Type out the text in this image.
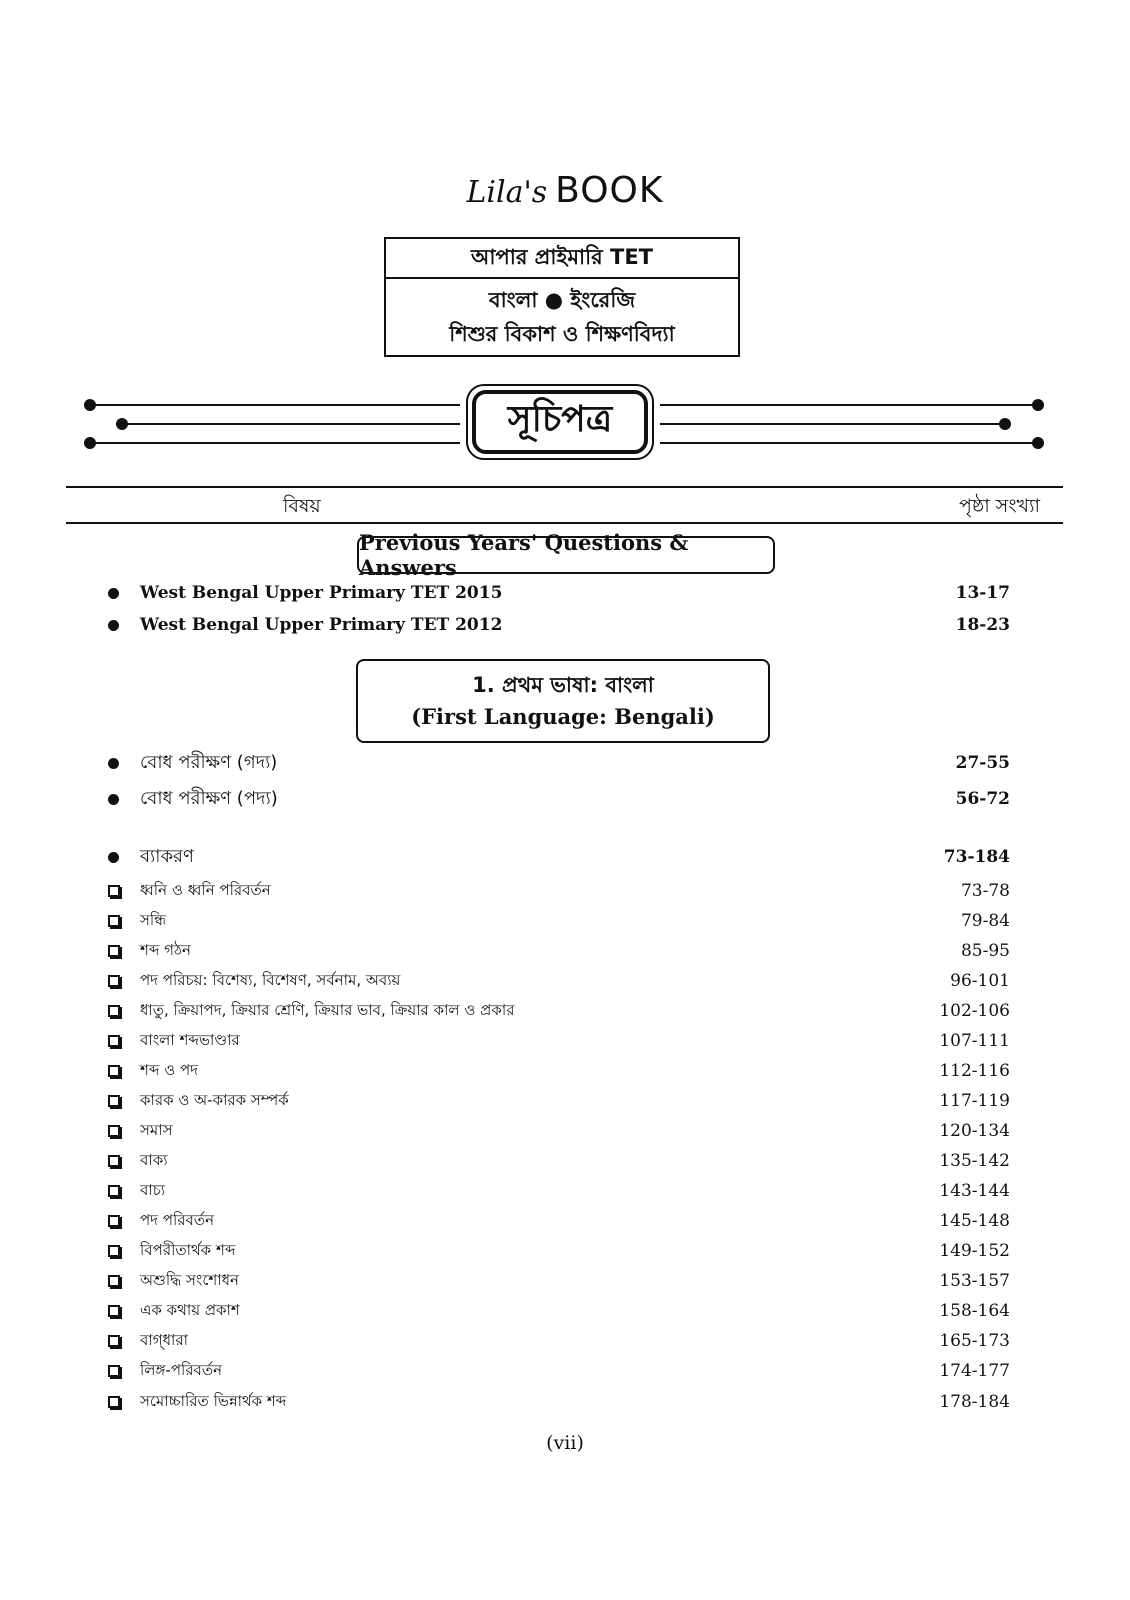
Lila's BOOK
আপার প্রাইমারি TET
বাংলা ● ইংরেজি
শিশুর বিকাশ ও শিক্ষণবিদ্যা
সূচিপত্র
বিষয়	পৃষ্ঠা সংখ্যা
Previous Years' Questions & Answers
West Bengal Upper Primary TET 2015	13-17
West Bengal Upper Primary TET 2012	18-23
1. প্রথম ভাষা: বাংলা
(First Language: Bengali)
বোধ পরীক্ষণ (গদ্য)	27-55
বোধ পরীক্ষণ (পদ্য)	56-72
ব্যাকরণ	73-184
ধ্বনি ও ধ্বনি পরিবর্তন	73-78
সন্ধি	79-84
শব্দ গঠন	85-95
পদ পরিচয়: বিশেষ্য, বিশেষণ, সর্বনাম, অব্যয়	96-101
ধাতু, ক্রিয়াপদ, ক্রিয়ার শ্রেণি, ক্রিয়ার ভাব, ক্রিয়ার কাল ও প্রকার	102-106
বাংলা শব্দভাণ্ডার	107-111
শব্দ ও পদ	112-116
কারক ও অ-কারক সম্পর্ক	117-119
সমাস	120-134
বাক্য	135-142
বাচ্য	143-144
পদ পরিবর্তন	145-148
বিপরীতার্থক শব্দ	149-152
অশুদ্ধি সংশোধন	153-157
এক কথায় প্রকাশ	158-164
বাগ্‌ধারা	165-173
লিঙ্গ-পরিবর্তন	174-177
সমোচ্চারিত ভিন্নার্থক শব্দ	178-184
(vii)
